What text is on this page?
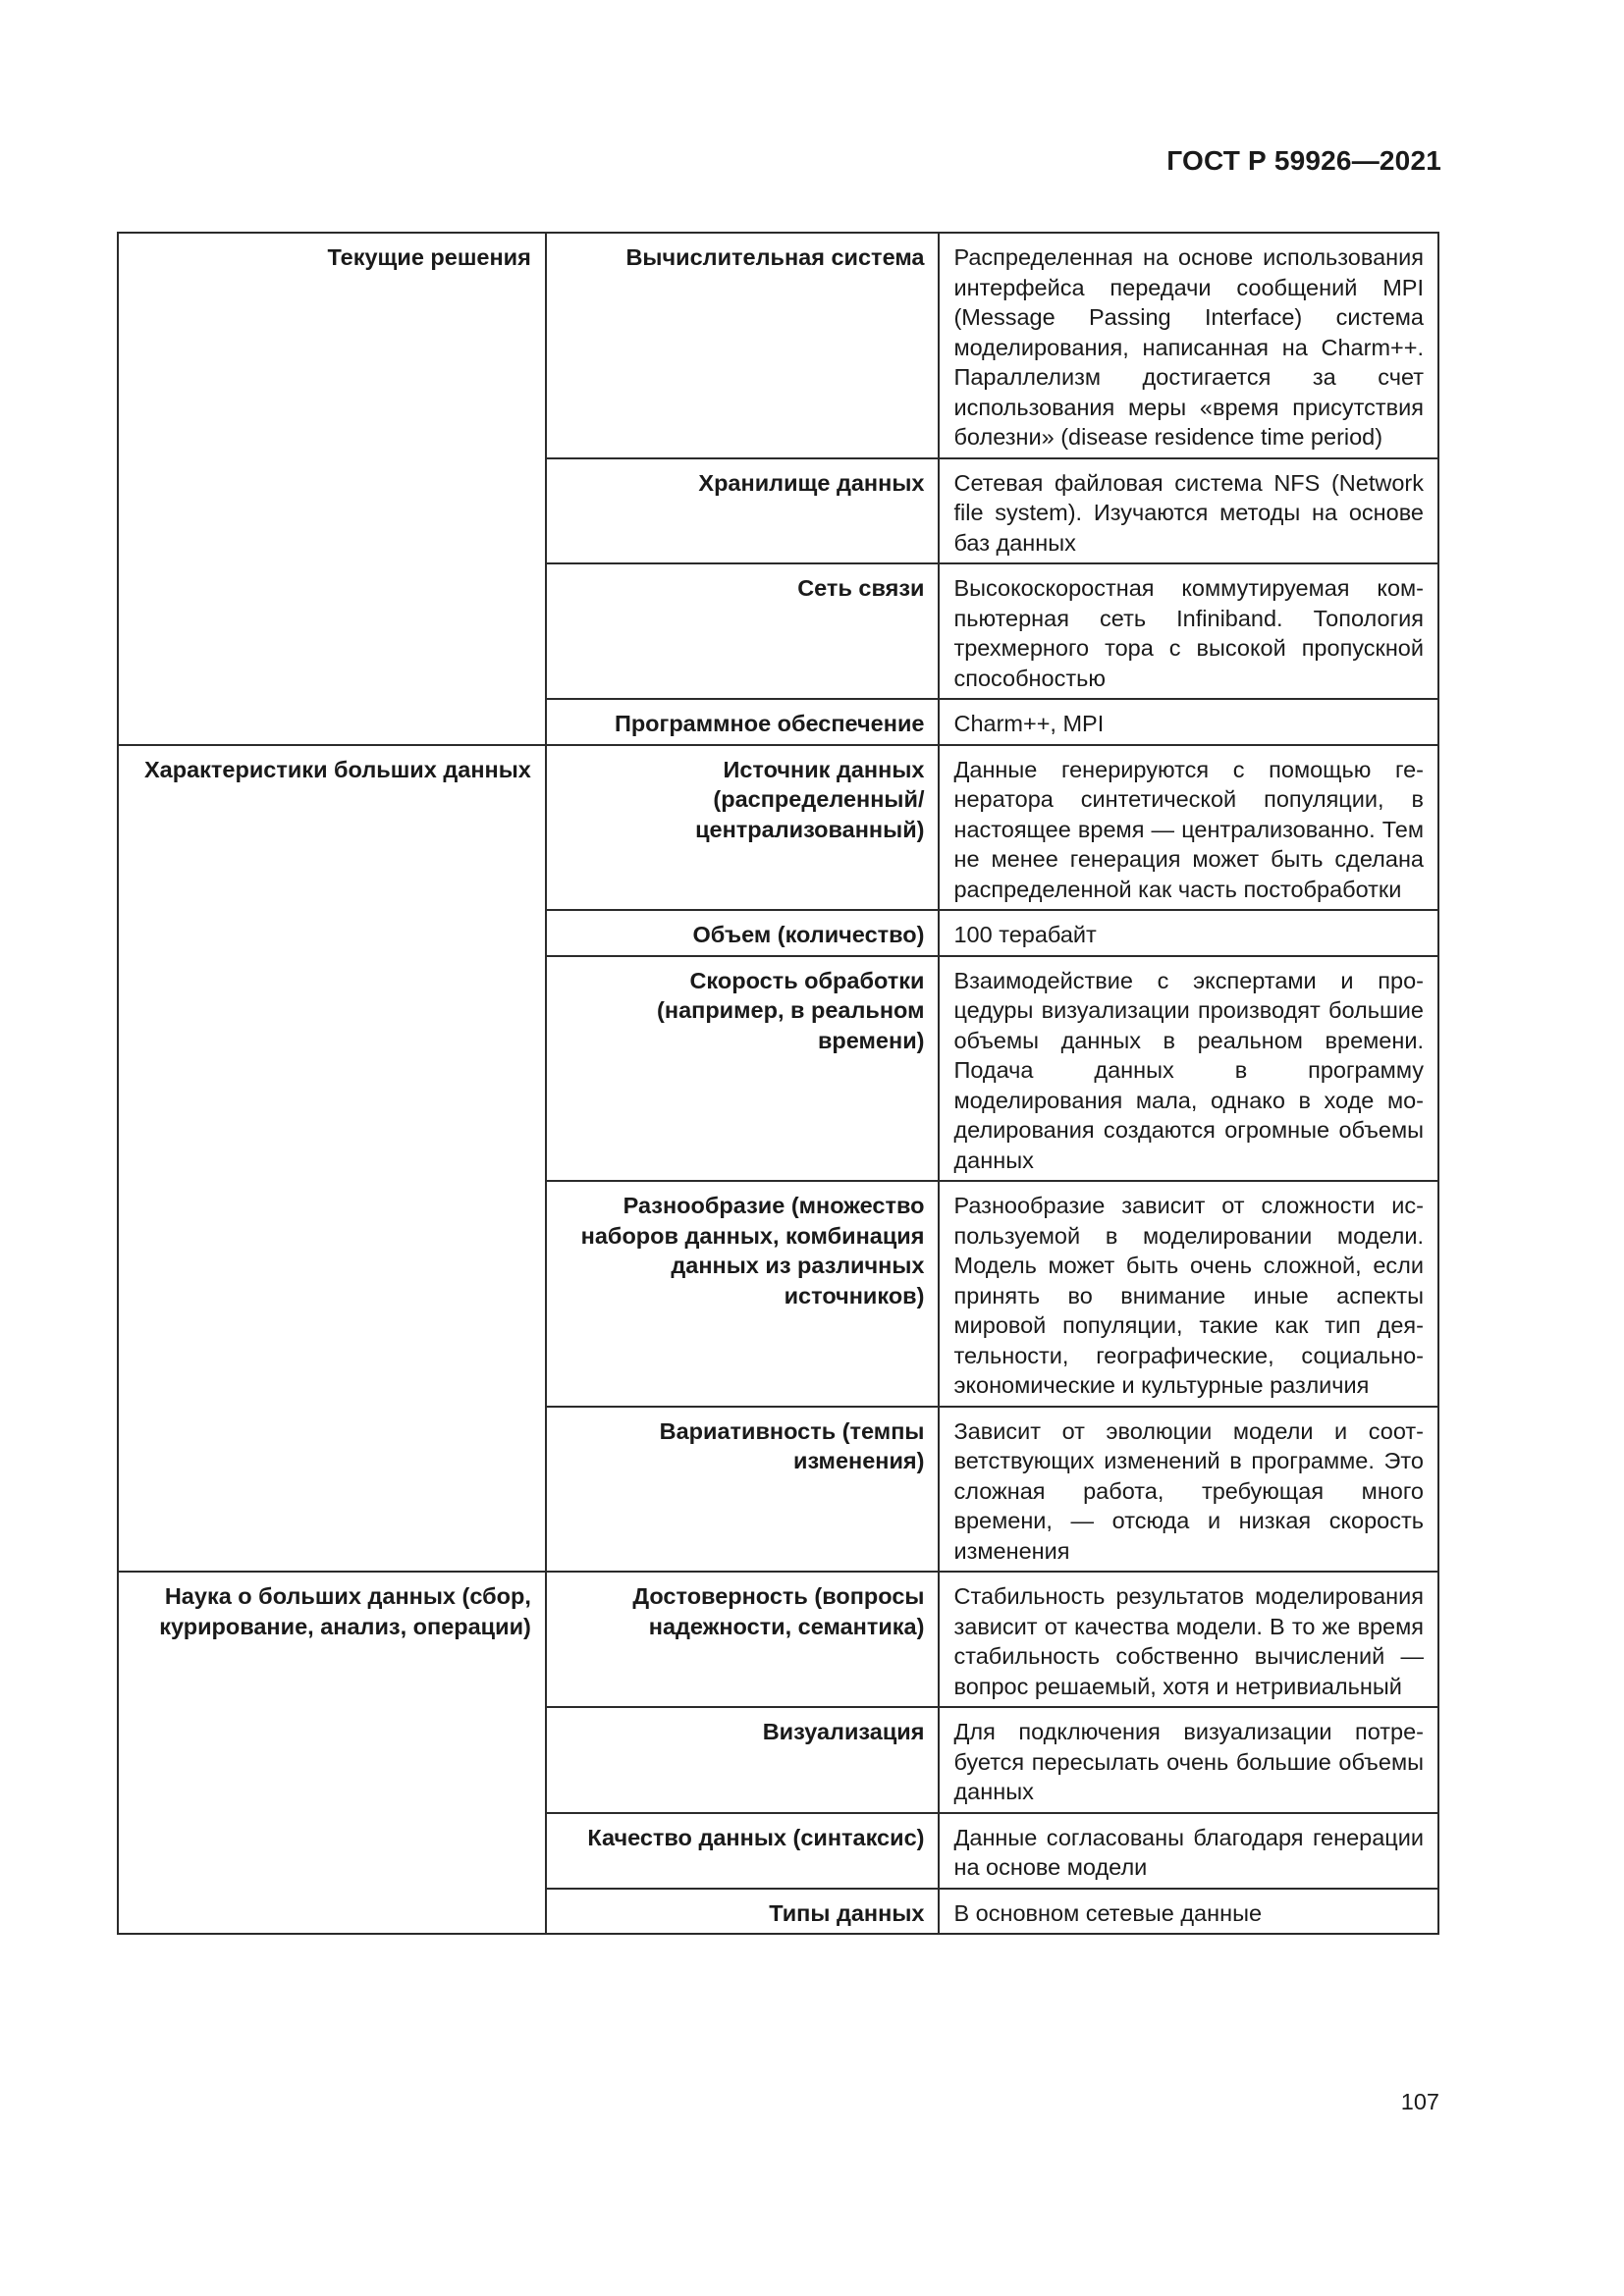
ГОСТ Р 59926—2021
Текущие решения	Вычислительная система	Распределенная на основе использования интерфейса передачи сообщений MPI (Message Passing Interface) система моделирования, написанная на Charm++. Параллелизм достигается за счет использования меры «время присутствия болезни» (disease residence time period)
	Хранилище данных	Сетевая файловая система NFS (Network file system). Изучаются методы на основе баз данных
	Сеть связи	Высокоскоростная коммутируемая компьютерная сеть Infiniband. Топология трехмерного тора с высокой пропускной способностью
	Программное обеспечение	Charm++, MPI
Характеристики больших данных	Источник данных (распределенный/ централизованный)	Данные генерируются с помощью генератора синтетической популяции, в настоящее время — централизованно. Тем не менее генерация может быть сделана распределенной как часть постобработки
	Объем (количество)	100 терабайт
	Скорость обработки (например, в реальном времени)	Взаимодействие с экспертами и процедуры визуализации производят большие объемы данных в реальном времени. Подача данных в программу моделирования мала, однако в ходе моделирования создаются огромные объемы данных
	Разнообразие (множество наборов данных, комбинация данных из различных источников)	Разнообразие зависит от сложности используемой в моделировании модели. Модель может быть очень сложной, если принять во внимание иные аспекты мировой популяции, такие как тип деятельности, географические, социально-экономические и культурные различия
	Вариативность (темпы изменения)	Зависит от эволюции модели и соответствующих изменений в программе. Это сложная работа, требующая много времени, — отсюда и низкая скорость изменения
Наука о больших данных (сбор, курирование, анализ, операции)	Достоверность (вопросы надежности, семантика)	Стабильность результатов моделирования зависит от качества модели. В то же время стабильность собственно вычислений — вопрос решаемый, хотя и нетривиальный
	Визуализация	Для подключения визуализации потребуется пересылать очень большие объемы данных
	Качество данных (синтаксис)	Данные согласованы благодаря генерации на основе модели
	Типы данных	В основном сетевые данные
107
